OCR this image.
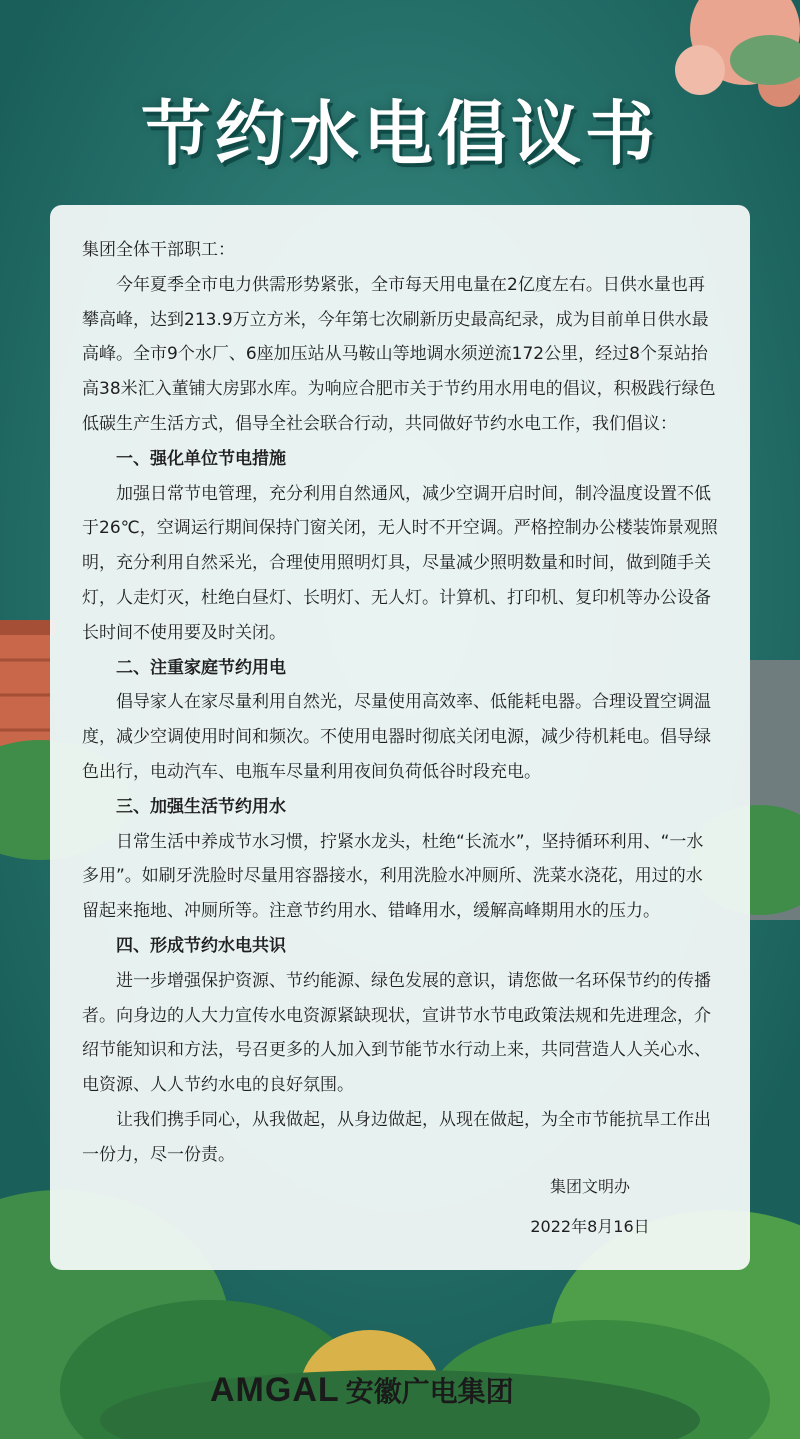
节约水电倡议书

集团全体干部职工：

今年夏季全市电力供需形势紧张，全市每天用电量在2亿度左右。日供水量也再攀高峰，达到213.9万立方米，今年第七次刷新历史最高纪录，成为目前单日供水最高峰。全市9个水厂、6座加压站从马鞍山等地调水须逆流172公里，经过8个泵站抬高38米汇入董铺大房郢水库。为响应合肥市关于节约用水用电的倡议，积极践行绿色低碳生产生活方式，倡导全社会联合行动，共同做好节约水电工作，我们倡议：

一、强化单位节电措施

加强日常节电管理，充分利用自然通风，减少空调开启时间，制冷温度设置不低于26℃，空调运行期间保持门窗关闭，无人时不开空调。严格控制办公楼装饰景观照明，充分利用自然采光，合理使用照明灯具，尽量减少照明数量和时间，做到随手关灯，人走灯灭，杜绝白昼灯、长明灯、无人灯。计算机、打印机、复印机等办公设备长时间不使用要及时关闭。

二、注重家庭节约用电

倡导家人在家尽量利用自然光，尽量使用高效率、低能耗电器。合理设置空调温度，减少空调使用时间和频次。不使用电器时彻底关闭电源，减少待机耗电。倡导绿色出行，电动汽车、电瓶车尽量利用夜间负荷低谷时段充电。

三、加强生活节约用水

日常生活中养成节水习惯，拧紧水龙头，杜绝“长流水”，坚持循环利用、“一水多用”。如刷牙洗脸时尽量用容器接水，利用洗脸水冲厕所、洗菜水浇花，用过的水留起来拖地、冲厕所等。注意节约用水、错峰用水，缓解高峰期用水的压力。

四、形成节约水电共识

进一步增强保护资源、节约能源、绿色发展的意识，请您做一名环保节约的传播者。向身边的人大力宣传水电资源紧缺现状，宣讲节水节电政策法规和先进理念，介绍节能知识和方法，号召更多的人加入到节能节水行动上来，共同营造人人关心水、电资源、人人节约水电的良好氛围。

让我们携手同心，从我做起，从身边做起，从现在做起，为全市节能抗旱工作出一份力，尽一份责。

集团文明办
2022年8月16日
AMGAL 安徽广电集团
